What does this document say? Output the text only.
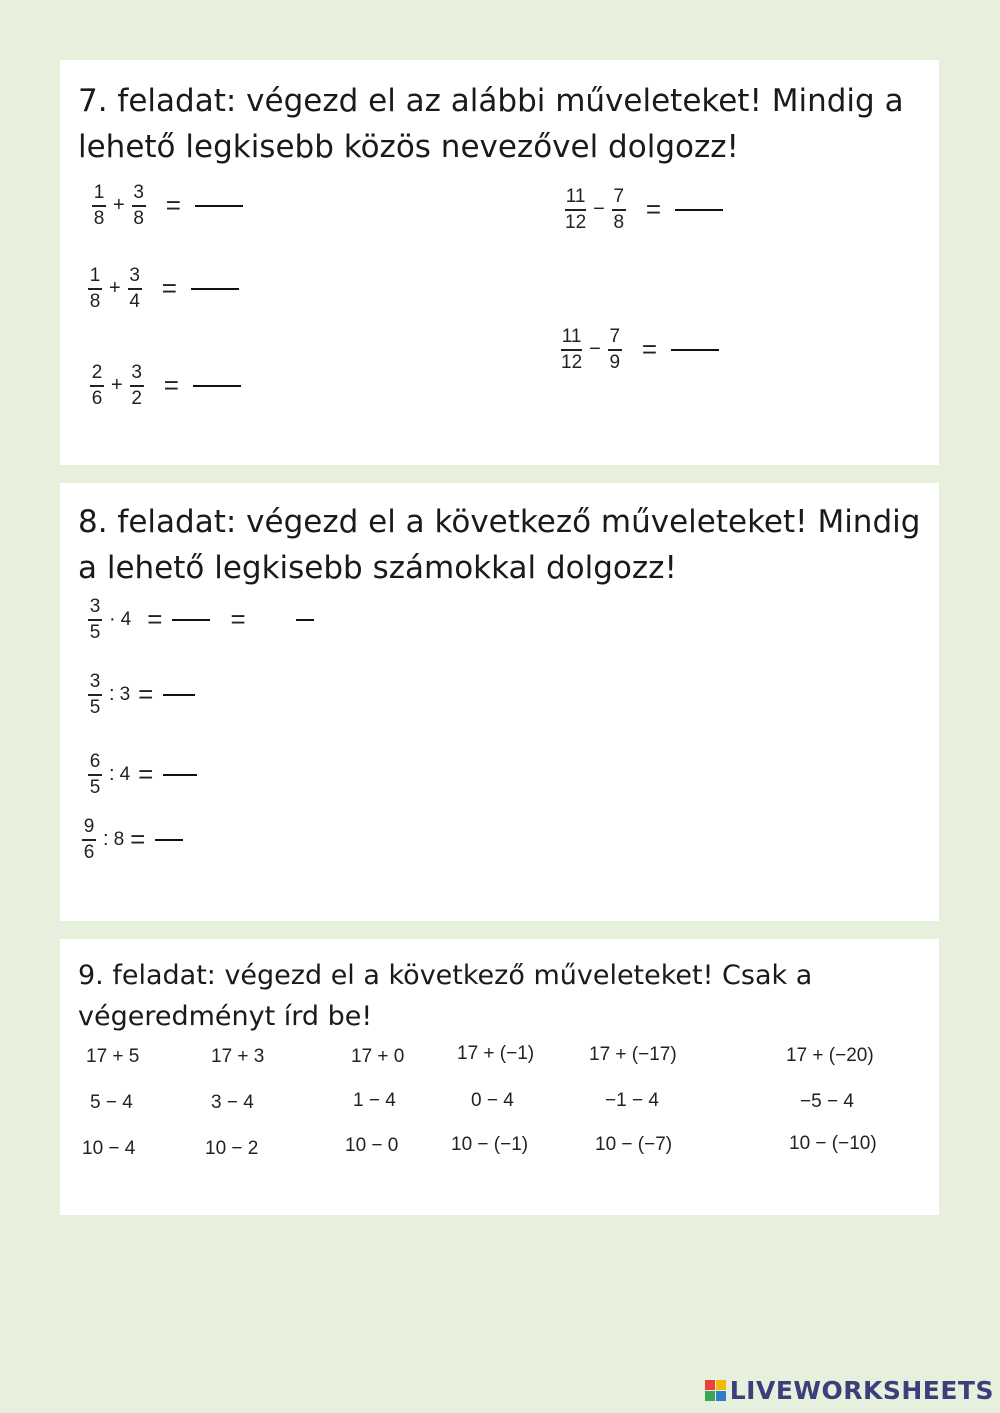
7. feladat: végezd el az alábbi műveleteket! Mindig a lehető legkisebb közös nevezővel dolgozz!
$\frac{1}{8} + \frac{3}{8}$ =
$\frac{1}{8} + \frac{3}{4}$ =
$\frac{2}{6} + \frac{3}{2}$ =
$\frac{11}{12} - \frac{7}{8}$ =
$\frac{11}{12} - \frac{7}{9}$ =
8. feladat: végezd el a következő műveleteket! Mindig a lehető legkisebb számokkal dolgozz!
$\frac{3}{5} \cdot 4$ =	=
$\frac{3}{5}$ : 3 =
$\frac{6}{5}$ : 4 =
$\frac{9}{6}$ : 8 =
9. feladat: végezd el a következő műveleteket! Csak a végeredményt írd be!
17 + 5	17 + 3	17 + 0	17 + (−1)	17 + (−17)	17 + (−20)
5 − 4	3 − 4	1 − 4	0 − 4	−1 − 4	−5 − 4
10 − 4	10 − 2	10 − 0	10 − (−1)	10 − (−7)	10 − (−10)
LIVEWORKSHEETS
